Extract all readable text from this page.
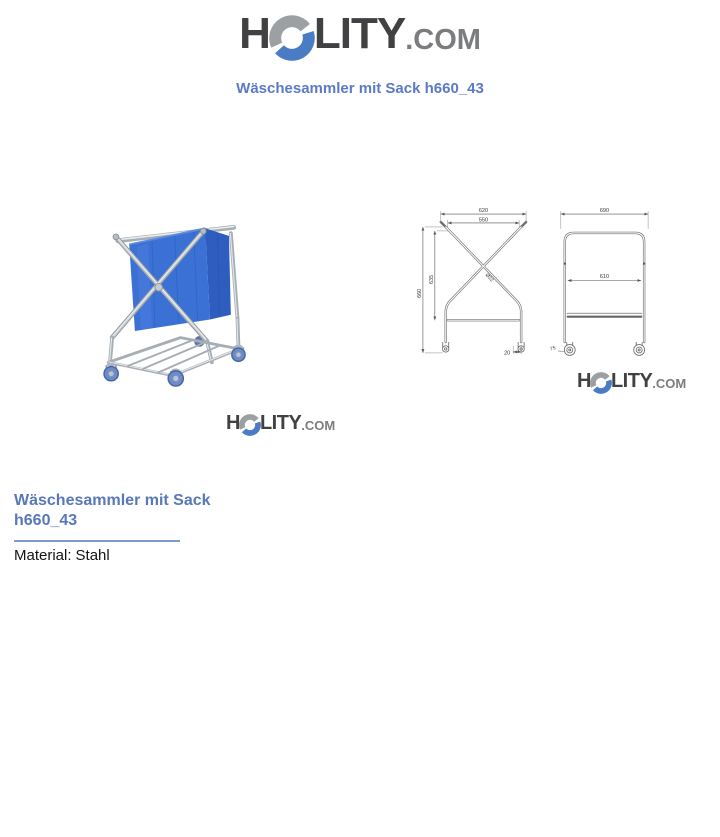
H LITY .COM
Wäschesammler mit Sack h660_43
620
550
660
635	Ø22
20
690
610
75
H LITY .COM
H LITY .COM
Wäschesammler mit Sack h660_43
Material: Stahl
